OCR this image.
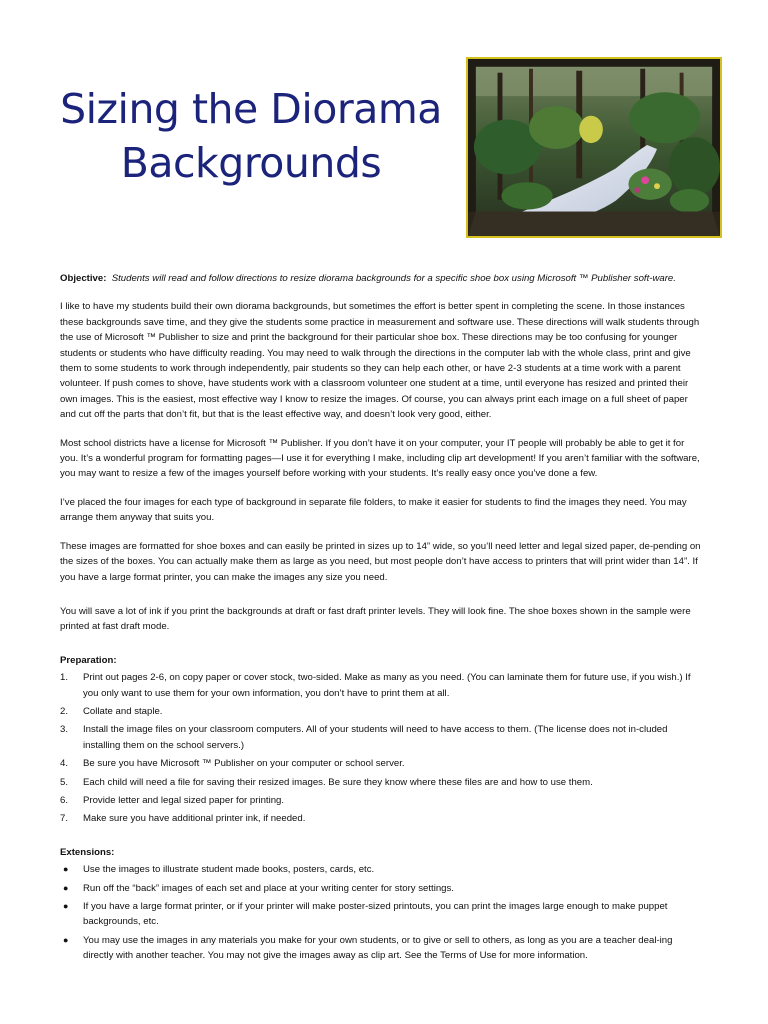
Sizing the Diorama
Backgrounds

Objective: Students will read and follow directions to resize diorama backgrounds for a specific shoe box using Microsoft ™ Publisher soft-ware.

I like to have my students build their own diorama backgrounds, but sometimes the effort is better spent in completing the scene. In those instances these backgrounds save time, and they give the students some practice in measurement and software use. These directions will walk students through the use of Microsoft ™ Publisher to size and print the background for their particular shoe box. These directions may be too confusing for younger students or students who have difficulty reading. You may need to walk through the directions in the computer lab with the whole class, print and give them to some students to work through independently, pair students so they can help each other, or have 2-3 students at a time work with a parent volunteer. If push comes to shove, have students work with a classroom volunteer one student at a time, until everyone has resized and printed their own images. This is the easiest, most effective way I know to resize the images. Of course, you can always print each image on a full sheet of paper and cut off the parts that don’t fit, but that is the least effective way, and doesn’t look very good, either.

Most school districts have a license for Microsoft ™ Publisher. If you don’t have it on your computer, your IT people will probably be able to get it for you. It’s a wonderful program for formatting pages—I use it for everything I make, including clip art development! If you aren’t familiar with the software, you may want to resize a few of the images yourself before working with your students. It’s really easy once you’ve done a few.

I’ve placed the four images for each type of background in separate file folders, to make it easier for students to find the images they need. You may arrange them anyway that suits you.

These images are formatted for shoe boxes and can easily be printed in sizes up to 14” wide, so you’ll need letter and legal sized paper, de-pending on the sizes of the boxes. You can actually make them as large as you need, but most people don’t have access to printers that will print wider than 14”. If you have a large format printer, you can make the images any size you need.

You will save a lot of ink if you print the backgrounds at draft or fast draft printer levels. They will look fine. The shoe boxes shown in the sample were printed at fast draft mode.

Preparation:
1. Print out pages 2-6, on copy paper or cover stock, two-sided. Make as many as you need. (You can laminate them for future use, if you wish.) If you only want to use them for your own information, you don’t have to print them at all.
2. Collate and staple.
3. Install the image files on your classroom computers. All of your students will need to have access to them. (The license does not in-cluded installing them on the school servers.)
4. Be sure you have Microsoft ™ Publisher on your computer or school server.
5. Each child will need a file for saving their resized images. Be sure they know where these files are and how to use them.
6. Provide letter and legal sized paper for printing.
7. Make sure you have additional printer ink, if needed.
Extensions:
● Use the images to illustrate student made books, posters, cards, etc.
● Run off the “back” images of each set and place at your writing center for story settings.
● If you have a large format printer, or if your printer will make poster-sized printouts, you can print the images large enough to make puppet backgrounds, etc.
● You may use the images in any materials you make for your own students, or to give or sell to others, as long as you are a teacher deal-ing directly with another teacher. You may not give the images away as clip art. See the Terms of Use for more information.
